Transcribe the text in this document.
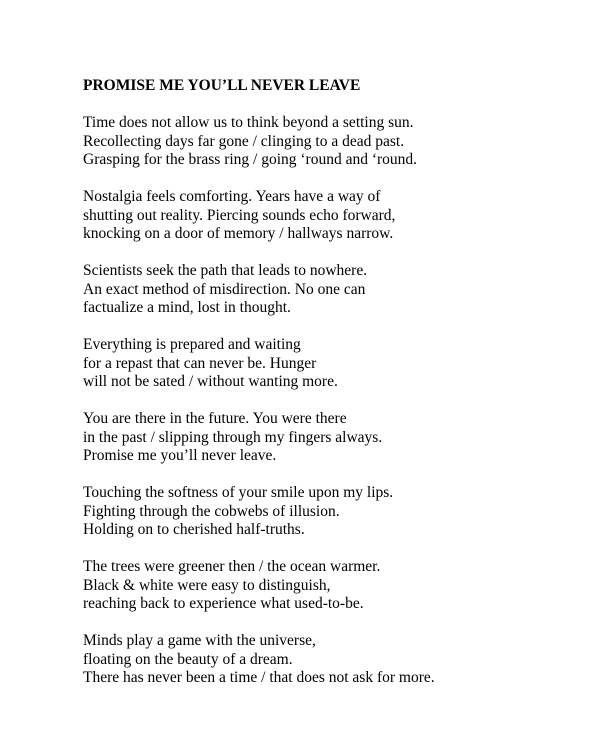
PROMISE ME YOU’LL NEVER LEAVE
Time does not allow us to think beyond a setting sun.
Recollecting days far gone / clinging to a dead past.
Grasping for the brass ring / going ‘round and ‘round.
Nostalgia feels comforting. Years have a way of
shutting out reality. Piercing sounds echo forward,
knocking on a door of memory / hallways narrow.
Scientists seek the path that leads to nowhere.
An exact method of misdirection. No one can
factualize a mind, lost in thought.
Everything is prepared and waiting
for a repast that can never be. Hunger
will not be sated / without wanting more.
You are there in the future. You were there
in the past / slipping through my fingers always.
Promise me you’ll never leave.
Touching the softness of your smile upon my lips.
Fighting through the cobwebs of illusion.
Holding on to cherished half-truths.
The trees were greener then / the ocean warmer.
Black & white were easy to distinguish,
reaching back to experience what used-to-be.
Minds play a game with the universe,
floating on the beauty of a dream.
There has never been a time / that does not ask for more.
